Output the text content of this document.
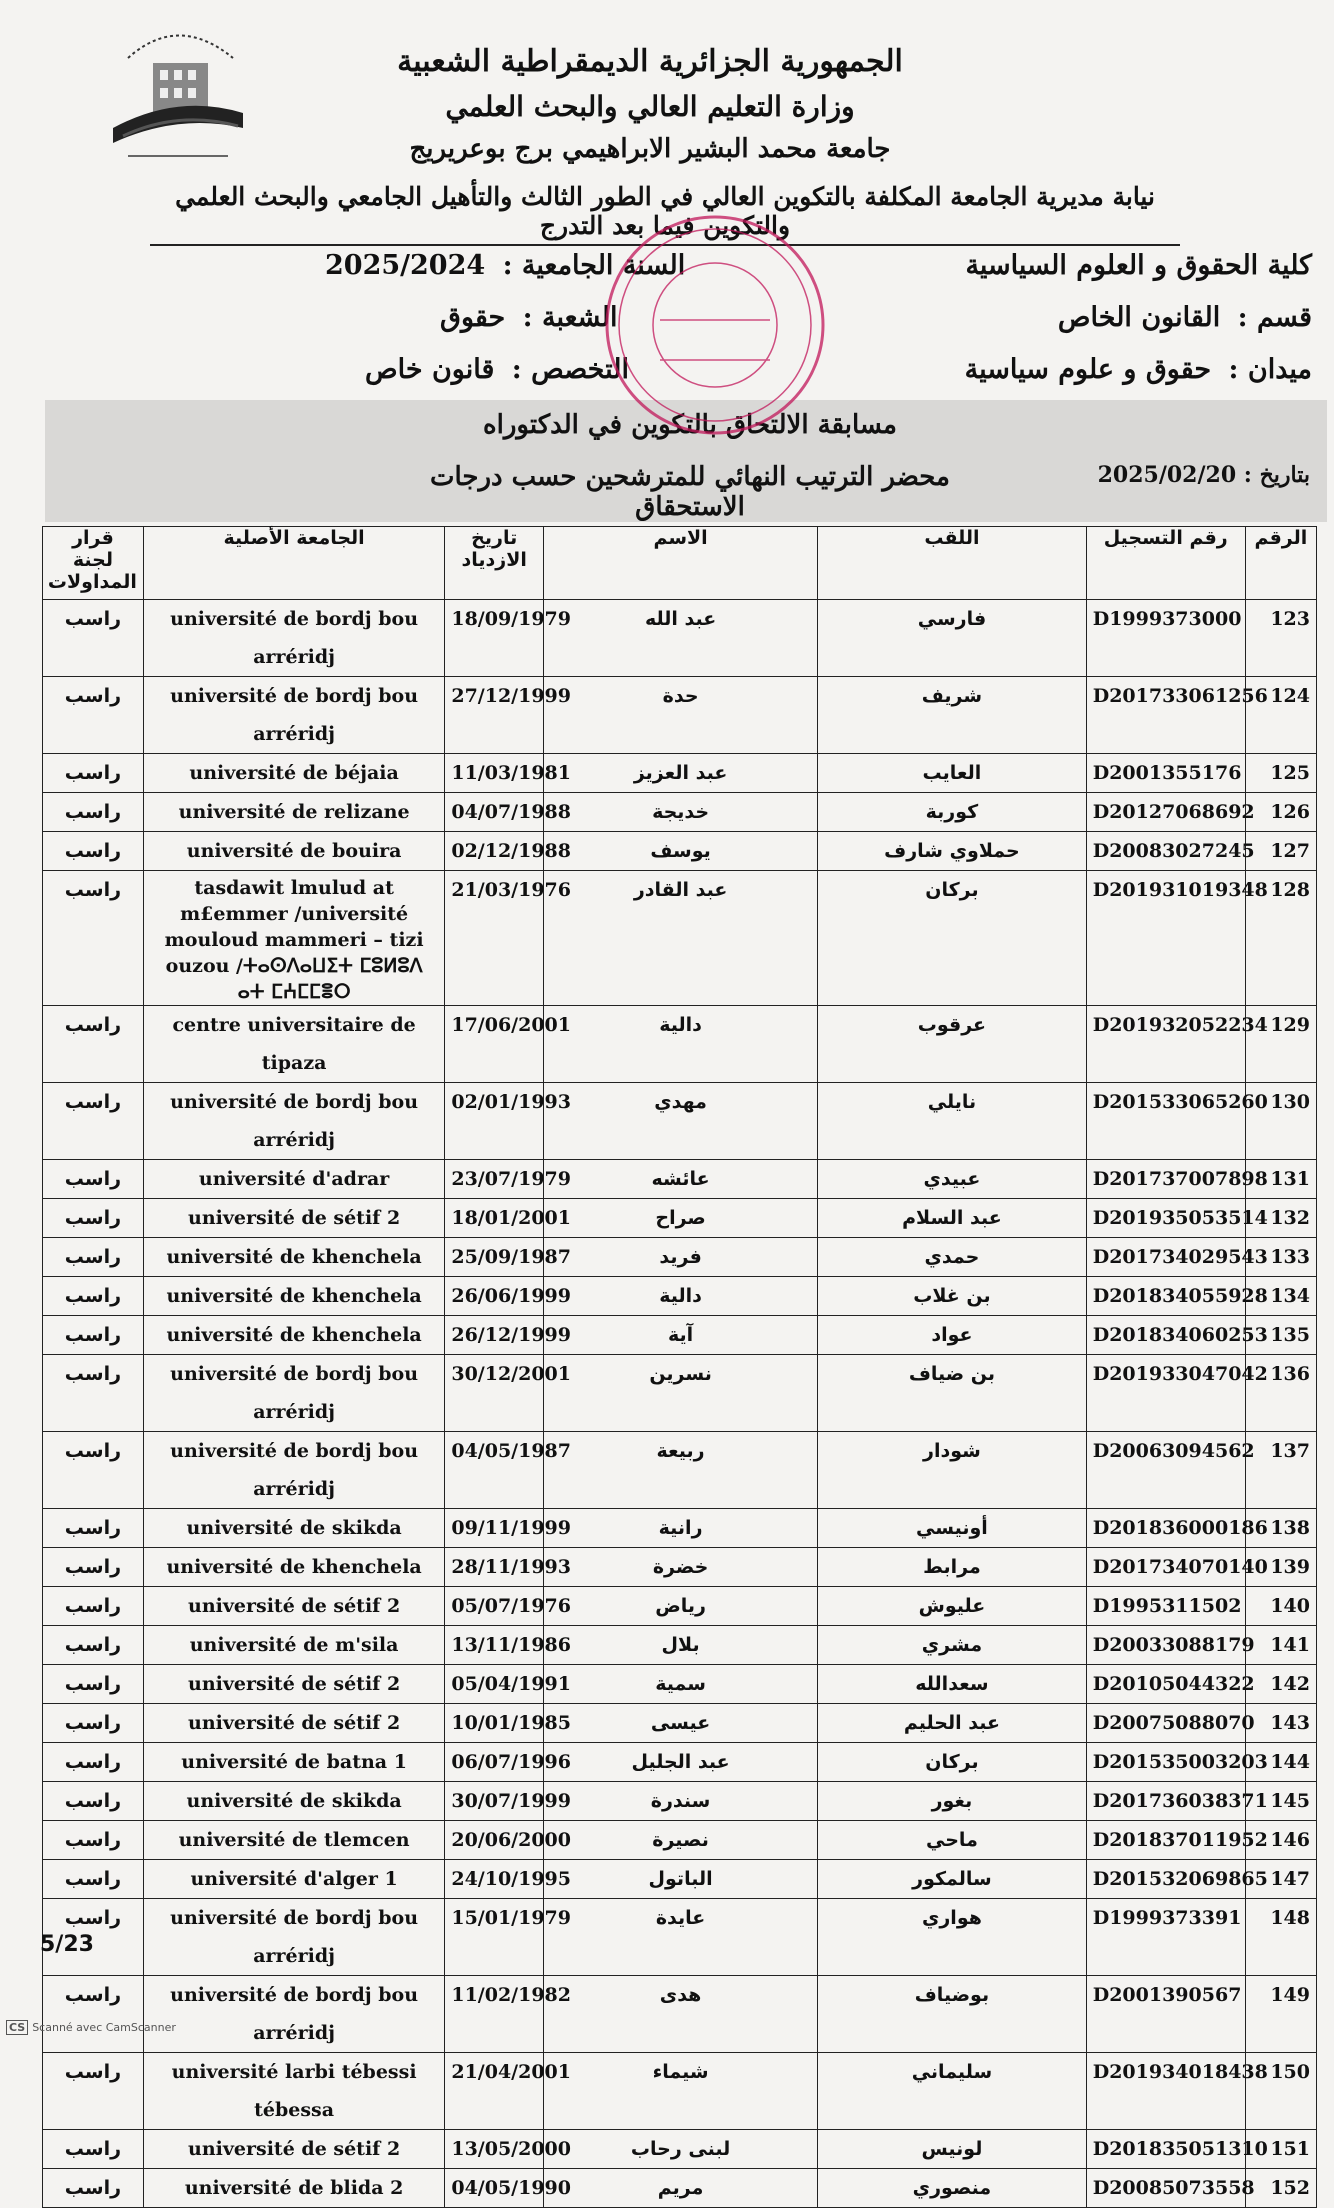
الجمهورية الجزائرية الديمقراطية الشعبية
وزارة التعليم العالي والبحث العلمي
جامعة محمد البشير الابراهيمي برج بوعريريج
نيابة مديرية الجامعة المكلفة بالتكوين العالي في الطور الثالث والتأهيل الجامعي والبحث العلمي والتكوين فيما بعد التدرج
كلية الحقوق و العلوم السياسية
السنة الجامعية : 2025/2024
قسم : القانون الخاص
الشعبة : حقوق
ميدان : حقوق و علوم سياسية
التخصص : قانون خاص
مسابقة الالتحاق بالتكوين في الدكتوراه
محضر الترتيب النهائي للمترشحين حسب درجات الاستحقاق
بتاريخ : 2025/02/20
قرار لجنة المداولات	الجامعة الأصلية	تاريخ الازدياد	الاسم	اللقب	رقم التسجيل	الرقم
راسب	université de bordj bou arréridj	18/09/1979	عبد الله	فارسي	D1999373000	123
راسب	université de bordj bou arréridj	27/12/1999	حدة	شريف	D201733061256	124
راسب	université de béjaia	11/03/1981	عبد العزيز	العايب	D2001355176	125
راسب	université de relizane	04/07/1988	خديجة	كوربة	D20127068692	126
راسب	université de bouira	02/12/1988	يوسف	حملاوي شارف	D20083027245	127
راسب	tasdawit lmulud at m£emmer /université mouloud mammeri – tizi ouzou /ⵜⴰⵙⴷⴰⵡⵉⵜ ⵎⵓⵍⵓⴷ ⴰⵜ ⵎⵄⵎⵎⴻⵔ	21/03/1976	عبد القادر	بركان	D201931019348	128
راسب	centre universitaire de tipaza	17/06/2001	دالية	عرقوب	D201932052234	129
راسب	université de bordj bou arréridj	02/01/1993	مهدي	نايلي	D201533065260	130
راسب	université d'adrar	23/07/1979	عائشه	عبيدي	D201737007898	131
راسب	université de sétif 2	18/01/2001	صراح	عبد السلام	D201935053514	132
راسب	université de khenchela	25/09/1987	فريد	حمدي	D201734029543	133
راسب	université de khenchela	26/06/1999	دالية	بن غلاب	D201834055928	134
راسب	université de khenchela	26/12/1999	آية	عواد	D201834060253	135
راسب	université de bordj bou arréridj	30/12/2001	نسرين	بن ضياف	D201933047042	136
راسب	université de bordj bou arréridj	04/05/1987	ربيعة	شودار	D20063094562	137
راسب	université de skikda	09/11/1999	رانية	أونيسي	D201836000186	138
راسب	université de khenchela	28/11/1993	خضرة	مرابط	D201734070140	139
راسب	université de sétif 2	05/07/1976	رياض	عليوش	D1995311502	140
راسب	université de m'sila	13/11/1986	بلال	مشري	D20033088179	141
راسب	université de sétif 2	05/04/1991	سمية	سعدالله	D20105044322	142
راسب	université de sétif 2	10/01/1985	عيسى	عبد الحليم	D20075088070	143
راسب	université de batna 1	06/07/1996	عبد الجليل	بركان	D201535003203	144
راسب	université de skikda	30/07/1999	سندرة	بغور	D201736038371	145
راسب	université de tlemcen	20/06/2000	نصيرة	ماحي	D201837011952	146
راسب	université d'alger 1	24/10/1995	الباتول	سالمكور	D201532069865	147
راسب	université de bordj bou arréridj	15/01/1979	عايدة	هواري	D1999373391	148
راسب	université de bordj bou arréridj	11/02/1982	هدى	بوضياف	D2001390567	149
راسب	université larbi tébessi tébessa	21/04/2001	شيماء	سليماني	D201934018438	150
راسب	université de sétif 2	13/05/2000	لبنى رحاب	لونيس	D201835051310	151
راسب	université de blida 2	04/05/1990	مريم	منصوري	D20085073558	152
5/23
CS Scanné avec CamScanner
